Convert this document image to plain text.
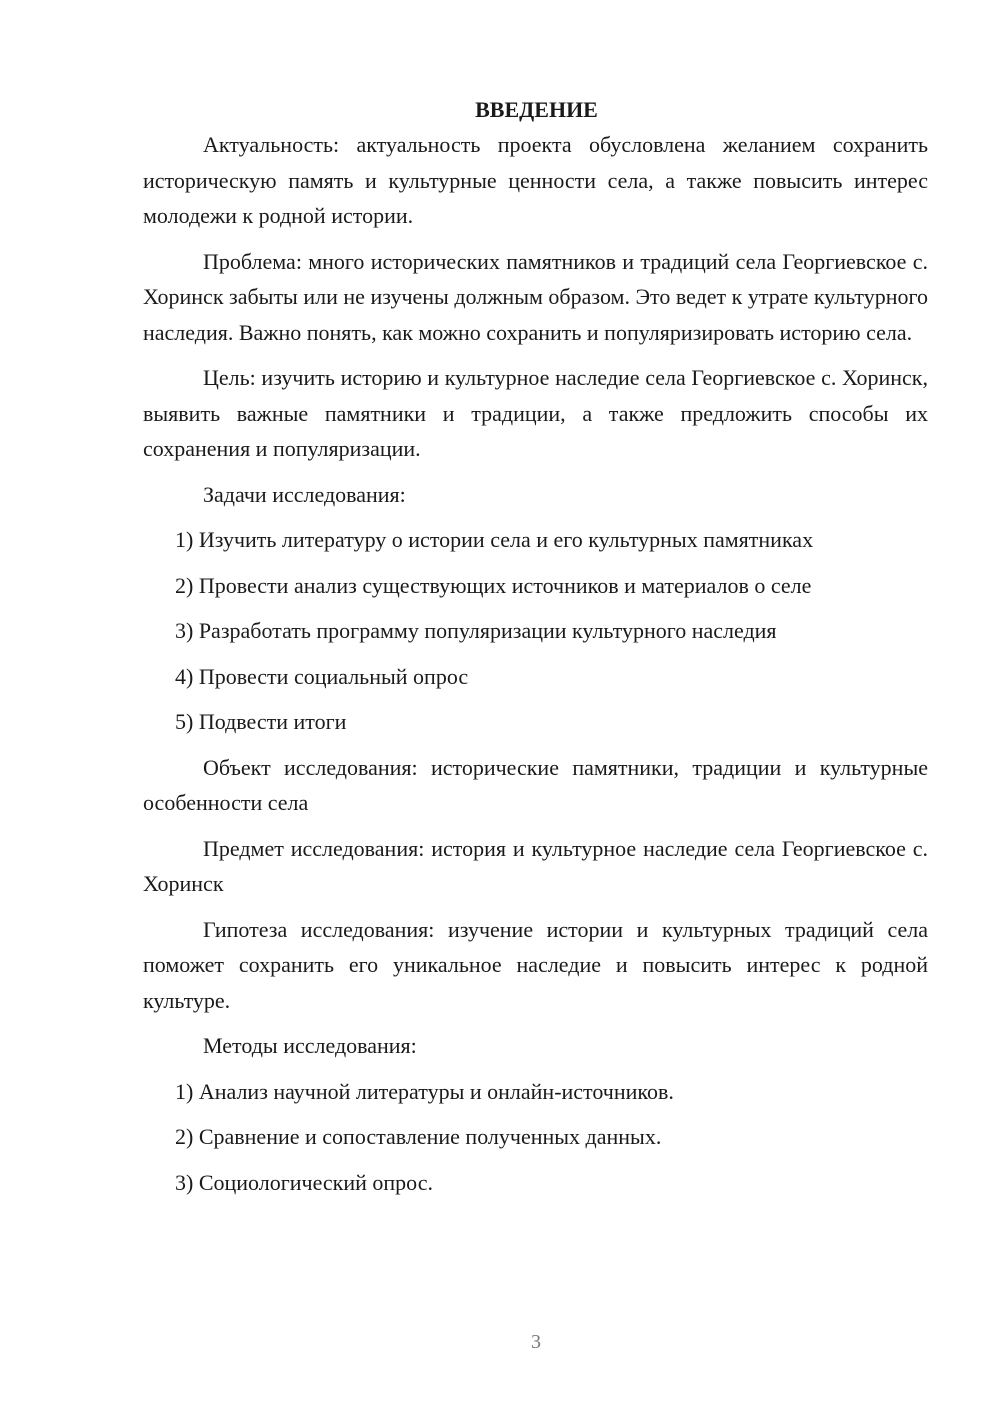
ВВЕДЕНИЕ

Актуальность: актуальность проекта обусловлена желанием сохранить историческую память и культурные ценности села, а также повысить интерес молодежи к родной истории.

Проблема: много исторических памятников и традиций села Георгиевское с. Хоринск забыты или не изучены должным образом. Это ведет к утрате культурного наследия. Важно понять, как можно сохранить и популяризировать историю села.

Цель: изучить историю и культурное наследие села Георгиевское с. Хоринск, выявить важные памятники и традиции, а также предложить способы их сохранения и популяризации.

Задачи исследования:

1) Изучить литературу о истории села и его культурных памятниках

2) Провести анализ существующих источников и материалов о селе

3) Разработать программу популяризации культурного наследия

4) Провести социальный опрос

5) Подвести итоги

Объект исследования: исторические памятники, традиции и культурные особенности села

Предмет исследования: история и культурное наследие села Георгиевское с. Хоринск

Гипотеза исследования: изучение истории и культурных традиций села поможет сохранить его уникальное наследие и повысить интерес к родной культуре.

Методы исследования:

1) Анализ научной литературы и онлайн-источников.

2) Сравнение и сопоставление полученных данных.

3) Социологический опрос.

3
